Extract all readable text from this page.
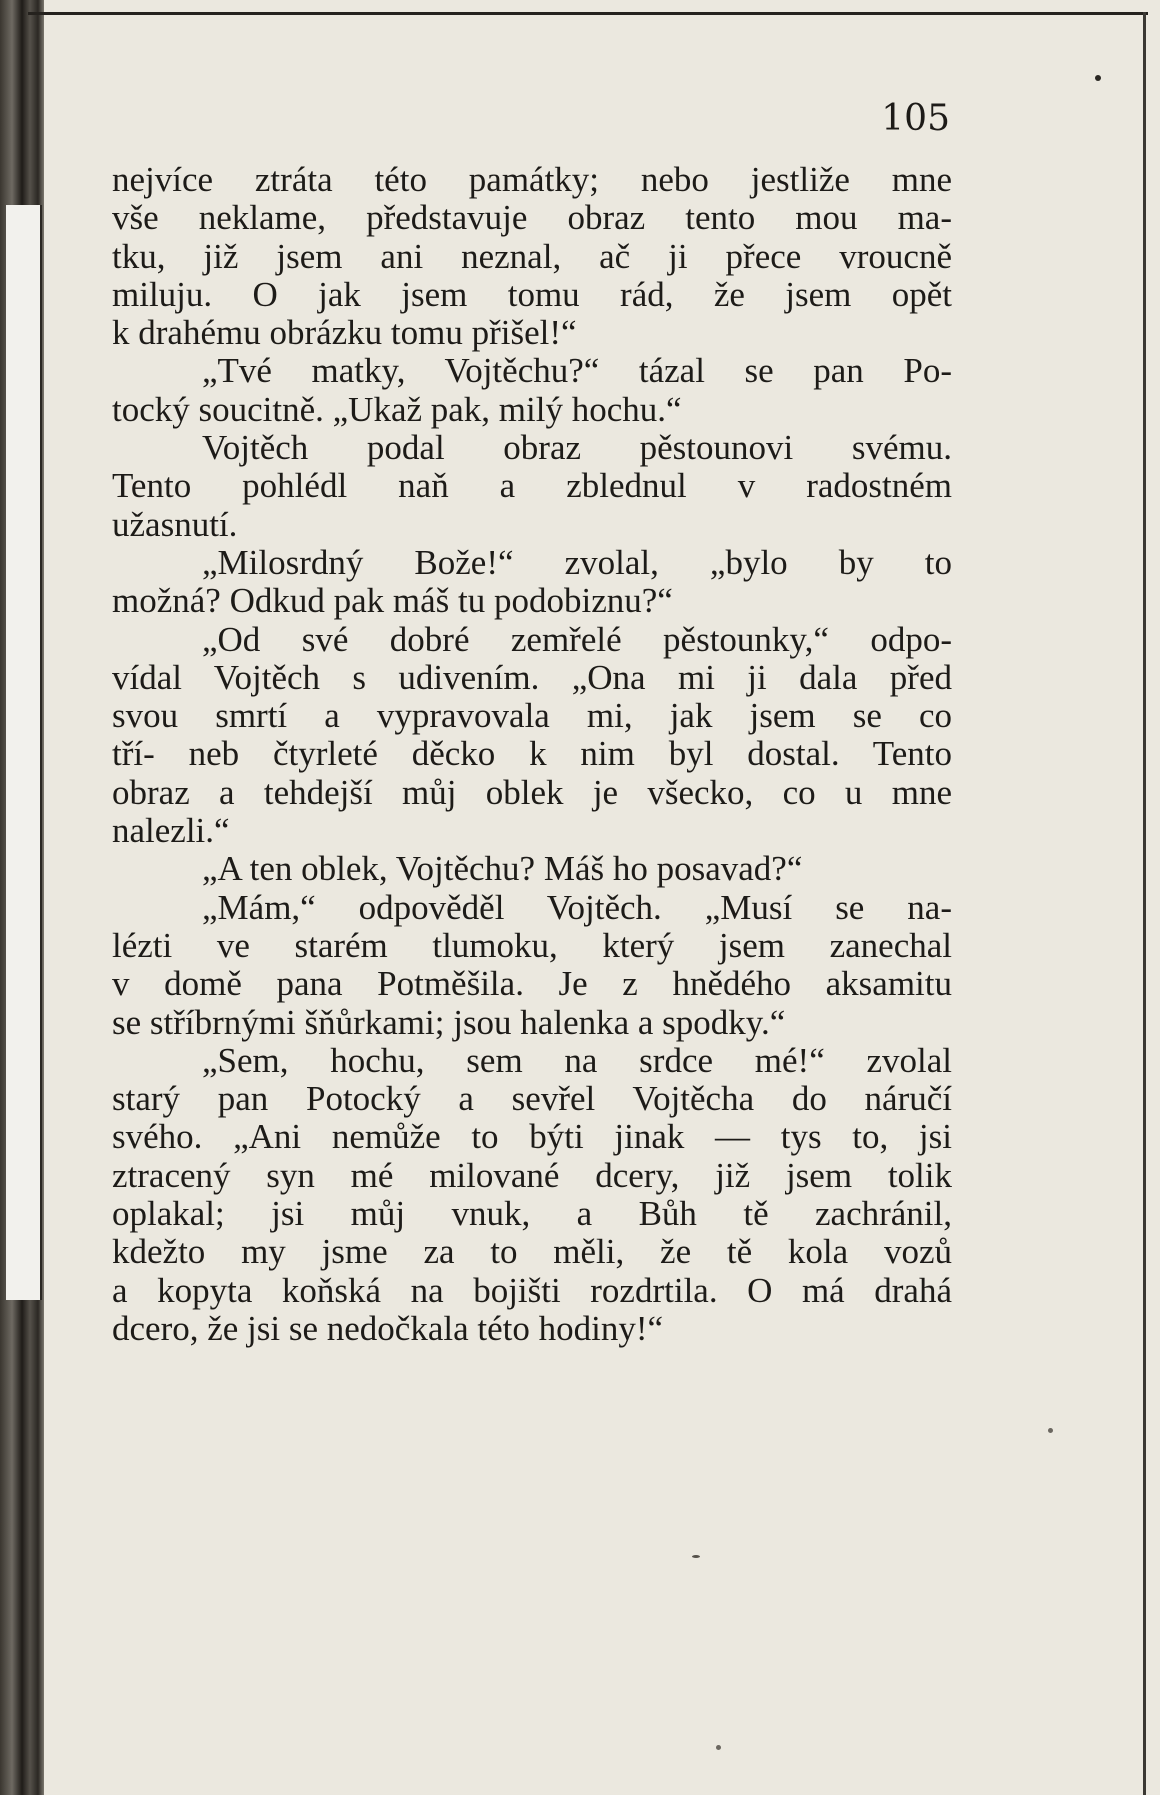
105
nejvíce ztráta této památky; nebo jestliže mne
vše neklame, představuje obraz tento mou ma-
tku, již jsem ani neznal, ač ji přece vroucně
miluju. O jak jsem tomu rád, že jsem opět
k drahému obrázku tomu přišel!“
„Tvé matky, Vojtěchu?“ tázal se pan Po-
tocký soucitně. „Ukaž pak, milý hochu.“
Vojtěch podal obraz pěstounovi svému.
Tento pohlédl naň a zblednul v radostném
užasnutí.
„Milosrdný Bože!“ zvolal, „bylo by to
možná? Odkud pak máš tu podobiznu?“
„Od své dobré zemřelé pěstounky,“ odpo-
vídal Vojtěch s udivením. „Ona mi ji dala před
svou smrtí a vypravovala mi, jak jsem se co
tří- neb čtyrleté děcko k nim byl dostal. Tento
obraz a tehdejší můj oblek je všecko, co u mne
nalezli.“
„A ten oblek, Vojtěchu? Máš ho posavad?“
„Mám,“ odpověděl Vojtěch. „Musí se na-
lézti ve starém tlumoku, který jsem zanechal
v domě pana Potměšila. Je z hnědého aksamitu
se stříbrnými šňůrkami; jsou halenka a spodky.“
„Sem, hochu, sem na srdce mé!“ zvolal
starý pan Potocký a sevřel Vojtěcha do náručí
svého. „Ani nemůže to býti jinak — tys to, jsi
ztracený syn mé milované dcery, již jsem tolik
oplakal; jsi můj vnuk, a Bůh tě zachránil,
kdežto my jsme za to měli, že tě kola vozů
a kopyta koňská na bojišti rozdrtila. O má drahá
dcero, že jsi se nedočkala této hodiny!“
